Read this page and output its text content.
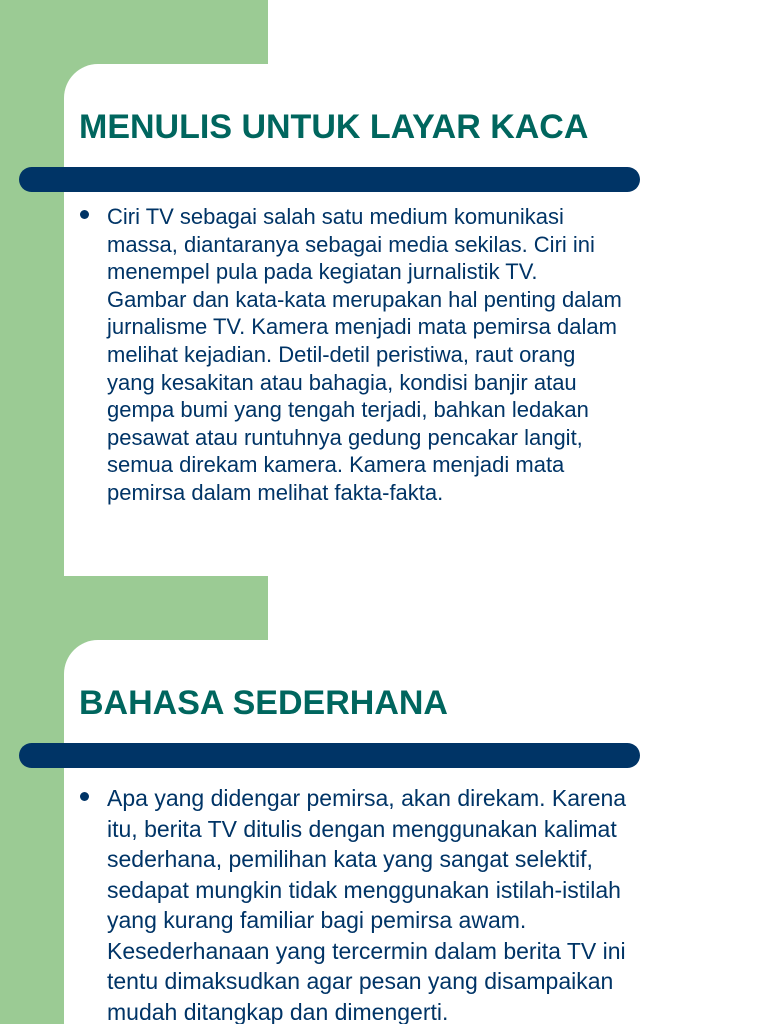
MENULIS UNTUK LAYAR KACA
Ciri TV sebagai salah satu medium komunikasi
massa, diantaranya sebagai media sekilas. Ciri ini
menempel pula pada kegiatan jurnalistik TV.
Gambar dan kata-kata merupakan hal penting dalam
jurnalisme TV. Kamera menjadi mata pemirsa dalam
melihat kejadian. Detil-detil peristiwa, raut orang
yang kesakitan atau bahagia, kondisi banjir atau
gempa bumi yang tengah terjadi, bahkan ledakan
pesawat atau runtuhnya gedung pencakar langit,
semua direkam kamera. Kamera menjadi mata
pemirsa dalam melihat fakta-fakta.
BAHASA SEDERHANA
Apa yang didengar pemirsa, akan direkam. Karena
itu, berita TV ditulis dengan menggunakan kalimat
sederhana, pemilihan kata yang sangat selektif,
sedapat mungkin tidak menggunakan istilah-istilah
yang kurang familiar bagi pemirsa awam.
Kesederhanaan yang tercermin dalam berita TV ini
tentu dimaksudkan agar pesan yang disampaikan
mudah ditangkap dan dimengerti.
